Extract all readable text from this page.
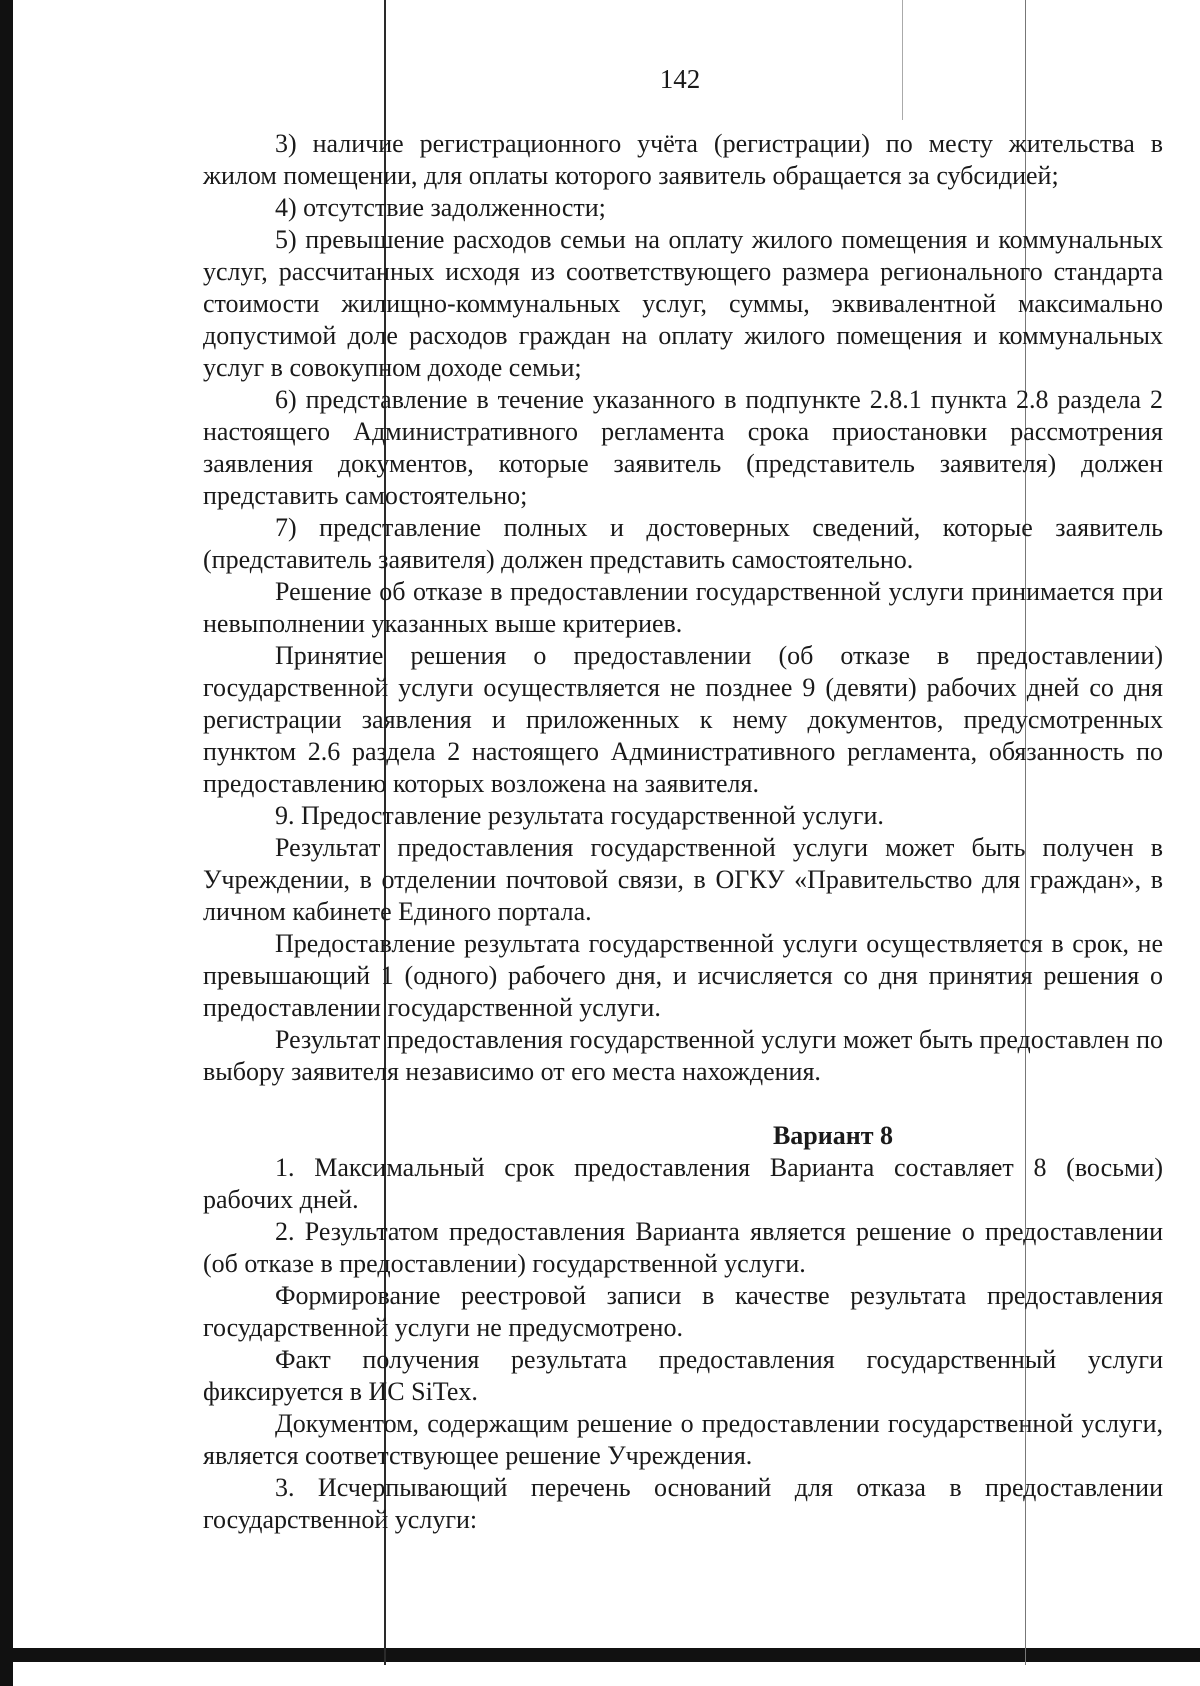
142

3) наличие регистрационного учёта (регистрации) по месту жительства в жилом помещении, для оплаты которого заявитель обращается за субсидией;

4) отсутствие задолженности;

5) превышение расходов семьи на оплату жилого помещения и коммунальных услуг, рассчитанных исходя из соответствующего размера регионального стандарта стоимости жилищно-коммунальных услуг, суммы, эквивалентной максимально допустимой доле расходов граждан на оплату жилого помещения и коммунальных услуг в совокупном доходе семьи;

6) представление в течение указанного в подпункте 2.8.1 пункта 2.8 раздела 2 настоящего Административного регламента срока приостановки рассмотрения заявления документов, которые заявитель (представитель заявителя) должен представить самостоятельно;

7) представление полных и достоверных сведений, которые заявитель (представитель заявителя) должен представить самостоятельно.

Решение об отказе в предоставлении государственной услуги принимается при невыполнении указанных выше критериев.

Принятие решения о предоставлении (об отказе в предоставлении) государственной услуги осуществляется не позднее 9 (девяти) рабочих дней со дня регистрации заявления и приложенных к нему документов, предусмотренных пунктом 2.6 раздела 2 настоящего Административного регламента, обязанность по предоставлению которых возложена на заявителя.

9. Предоставление результата государственной услуги.

Результат предоставления государственной услуги может быть получен в Учреждении, в отделении почтовой связи, в ОГКУ «Правительство для граждан», в личном кабинете Единого портала.

Предоставление результата государственной услуги осуществляется в срок, не превышающий 1 (одного) рабочего дня, и исчисляется со дня принятия решения о предоставлении государственной услуги.

Результат предоставления государственной услуги может быть предоставлен по выбору заявителя независимо от его места нахождения.

Вариант 8

1. Максимальный срок предоставления Варианта составляет 8 (восьми) рабочих дней.

2. Результатом предоставления Варианта является решение о предоставлении (об отказе в предоставлении) государственной услуги.

Формирование реестровой записи в качестве результата предоставления государственной услуги не предусмотрено.

Факт получения результата предоставления государственный услуги фиксируется в ИС SiTex.

Документом, содержащим решение о предоставлении государственной услуги, является соответствующее решение Учреждения.

3. Исчерпывающий перечень оснований для отказа в предоставлении государственной услуги:
